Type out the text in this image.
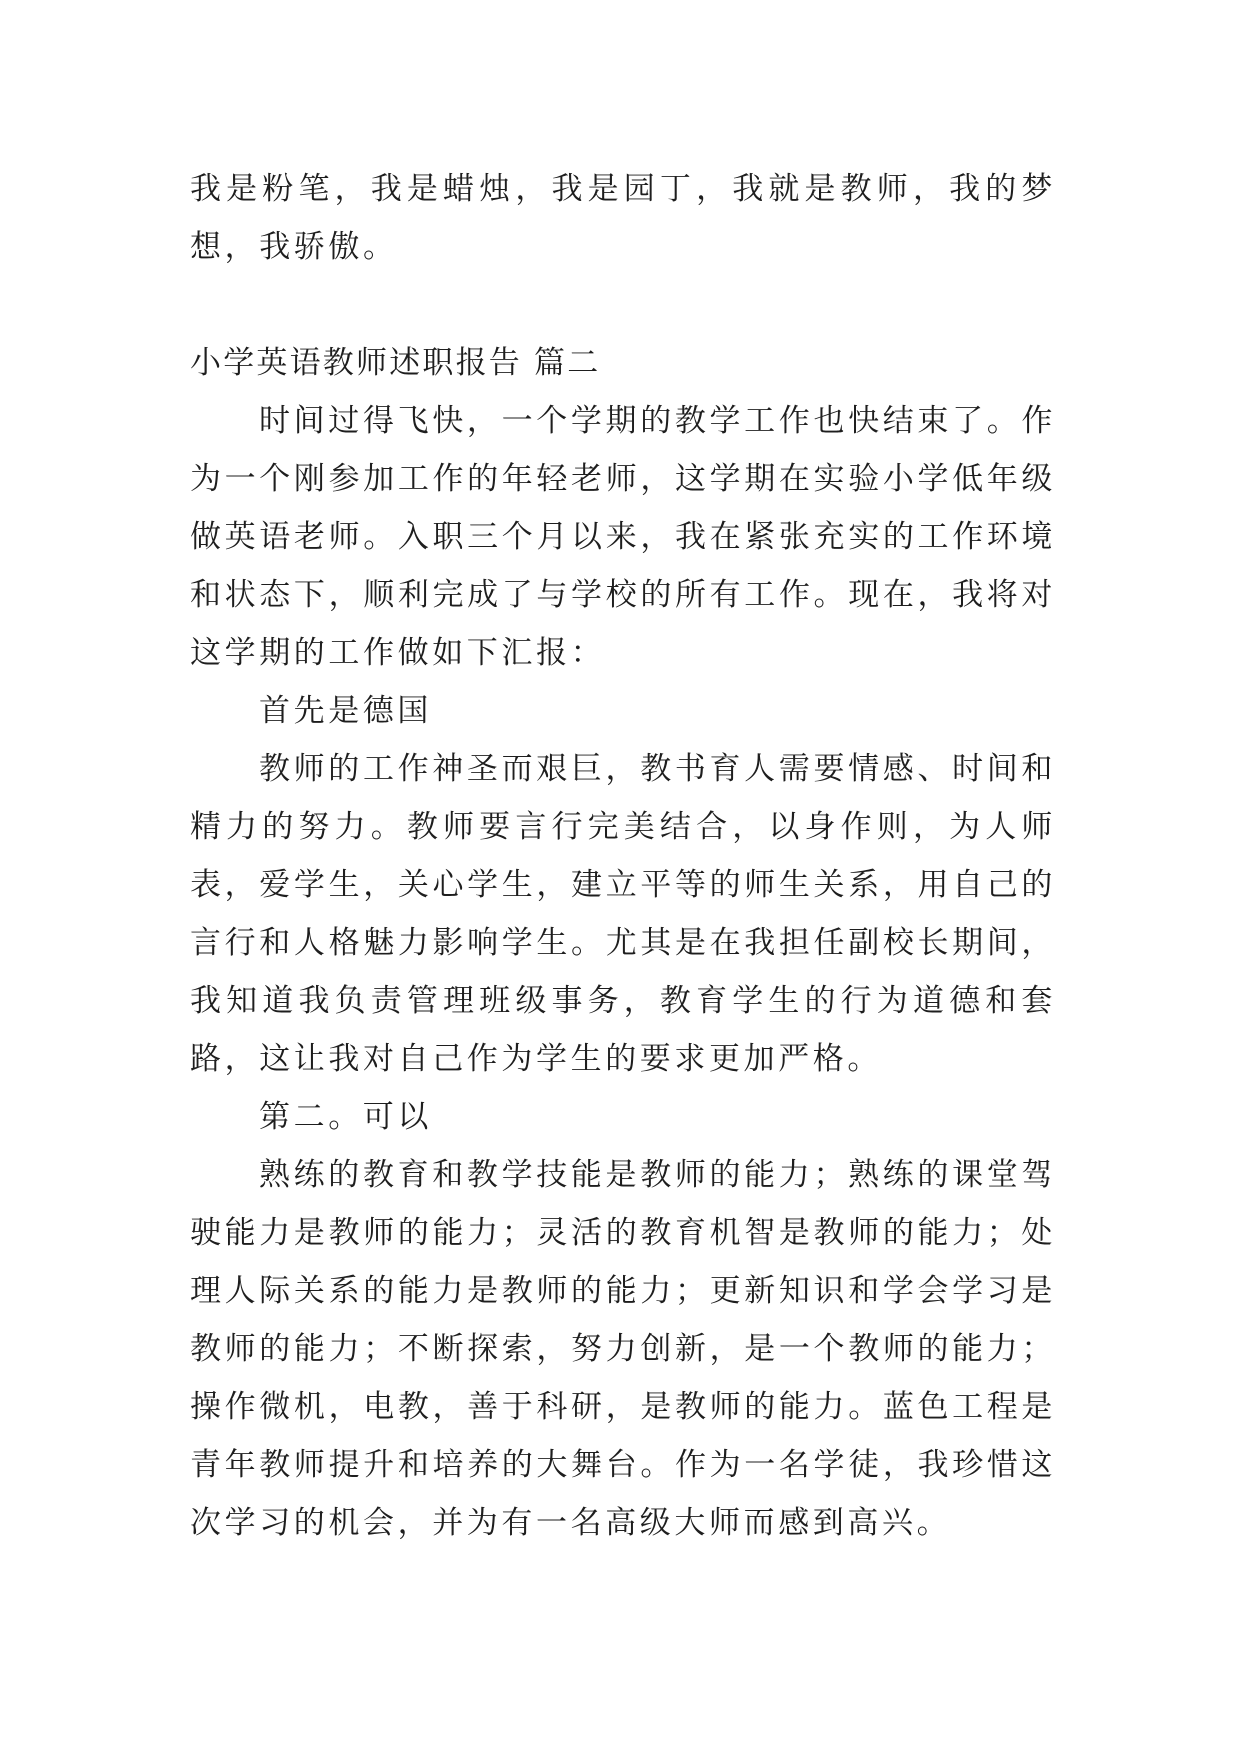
我是粉笔，我是蜡烛，我是园丁，我就是教师，我的梦想，我骄傲。

小学英语教师述职报告 篇二

时间过得飞快，一个学期的教学工作也快结束了。作为一个刚参加工作的年轻老师，这学期在实验小学低年级做英语老师。入职三个月以来，我在紧张充实的工作环境和状态下，顺利完成了与学校的所有工作。现在，我将对这学期的工作做如下汇报：

首先是德国

教师的工作神圣而艰巨，教书育人需要情感、时间和精力的努力。教师要言行完美结合，以身作则，为人师表，爱学生，关心学生，建立平等的师生关系，用自己的言行和人格魅力影响学生。尤其是在我担任副校长期间，我知道我负责管理班级事务，教育学生的行为道德和套路，这让我对自己作为学生的要求更加严格。

第二。可以

熟练的教育和教学技能是教师的能力；熟练的课堂驾驶能力是教师的能力；灵活的教育机智是教师的能力；处理人际关系的能力是教师的能力；更新知识和学会学习是教师的能力；不断探索，努力创新，是一个教师的能力；操作微机，电教，善于科研，是教师的能力。蓝色工程是青年教师提升和培养的大舞台。作为一名学徒，我珍惜这次学习的机会，并为有一名高级大师而感到高兴。
